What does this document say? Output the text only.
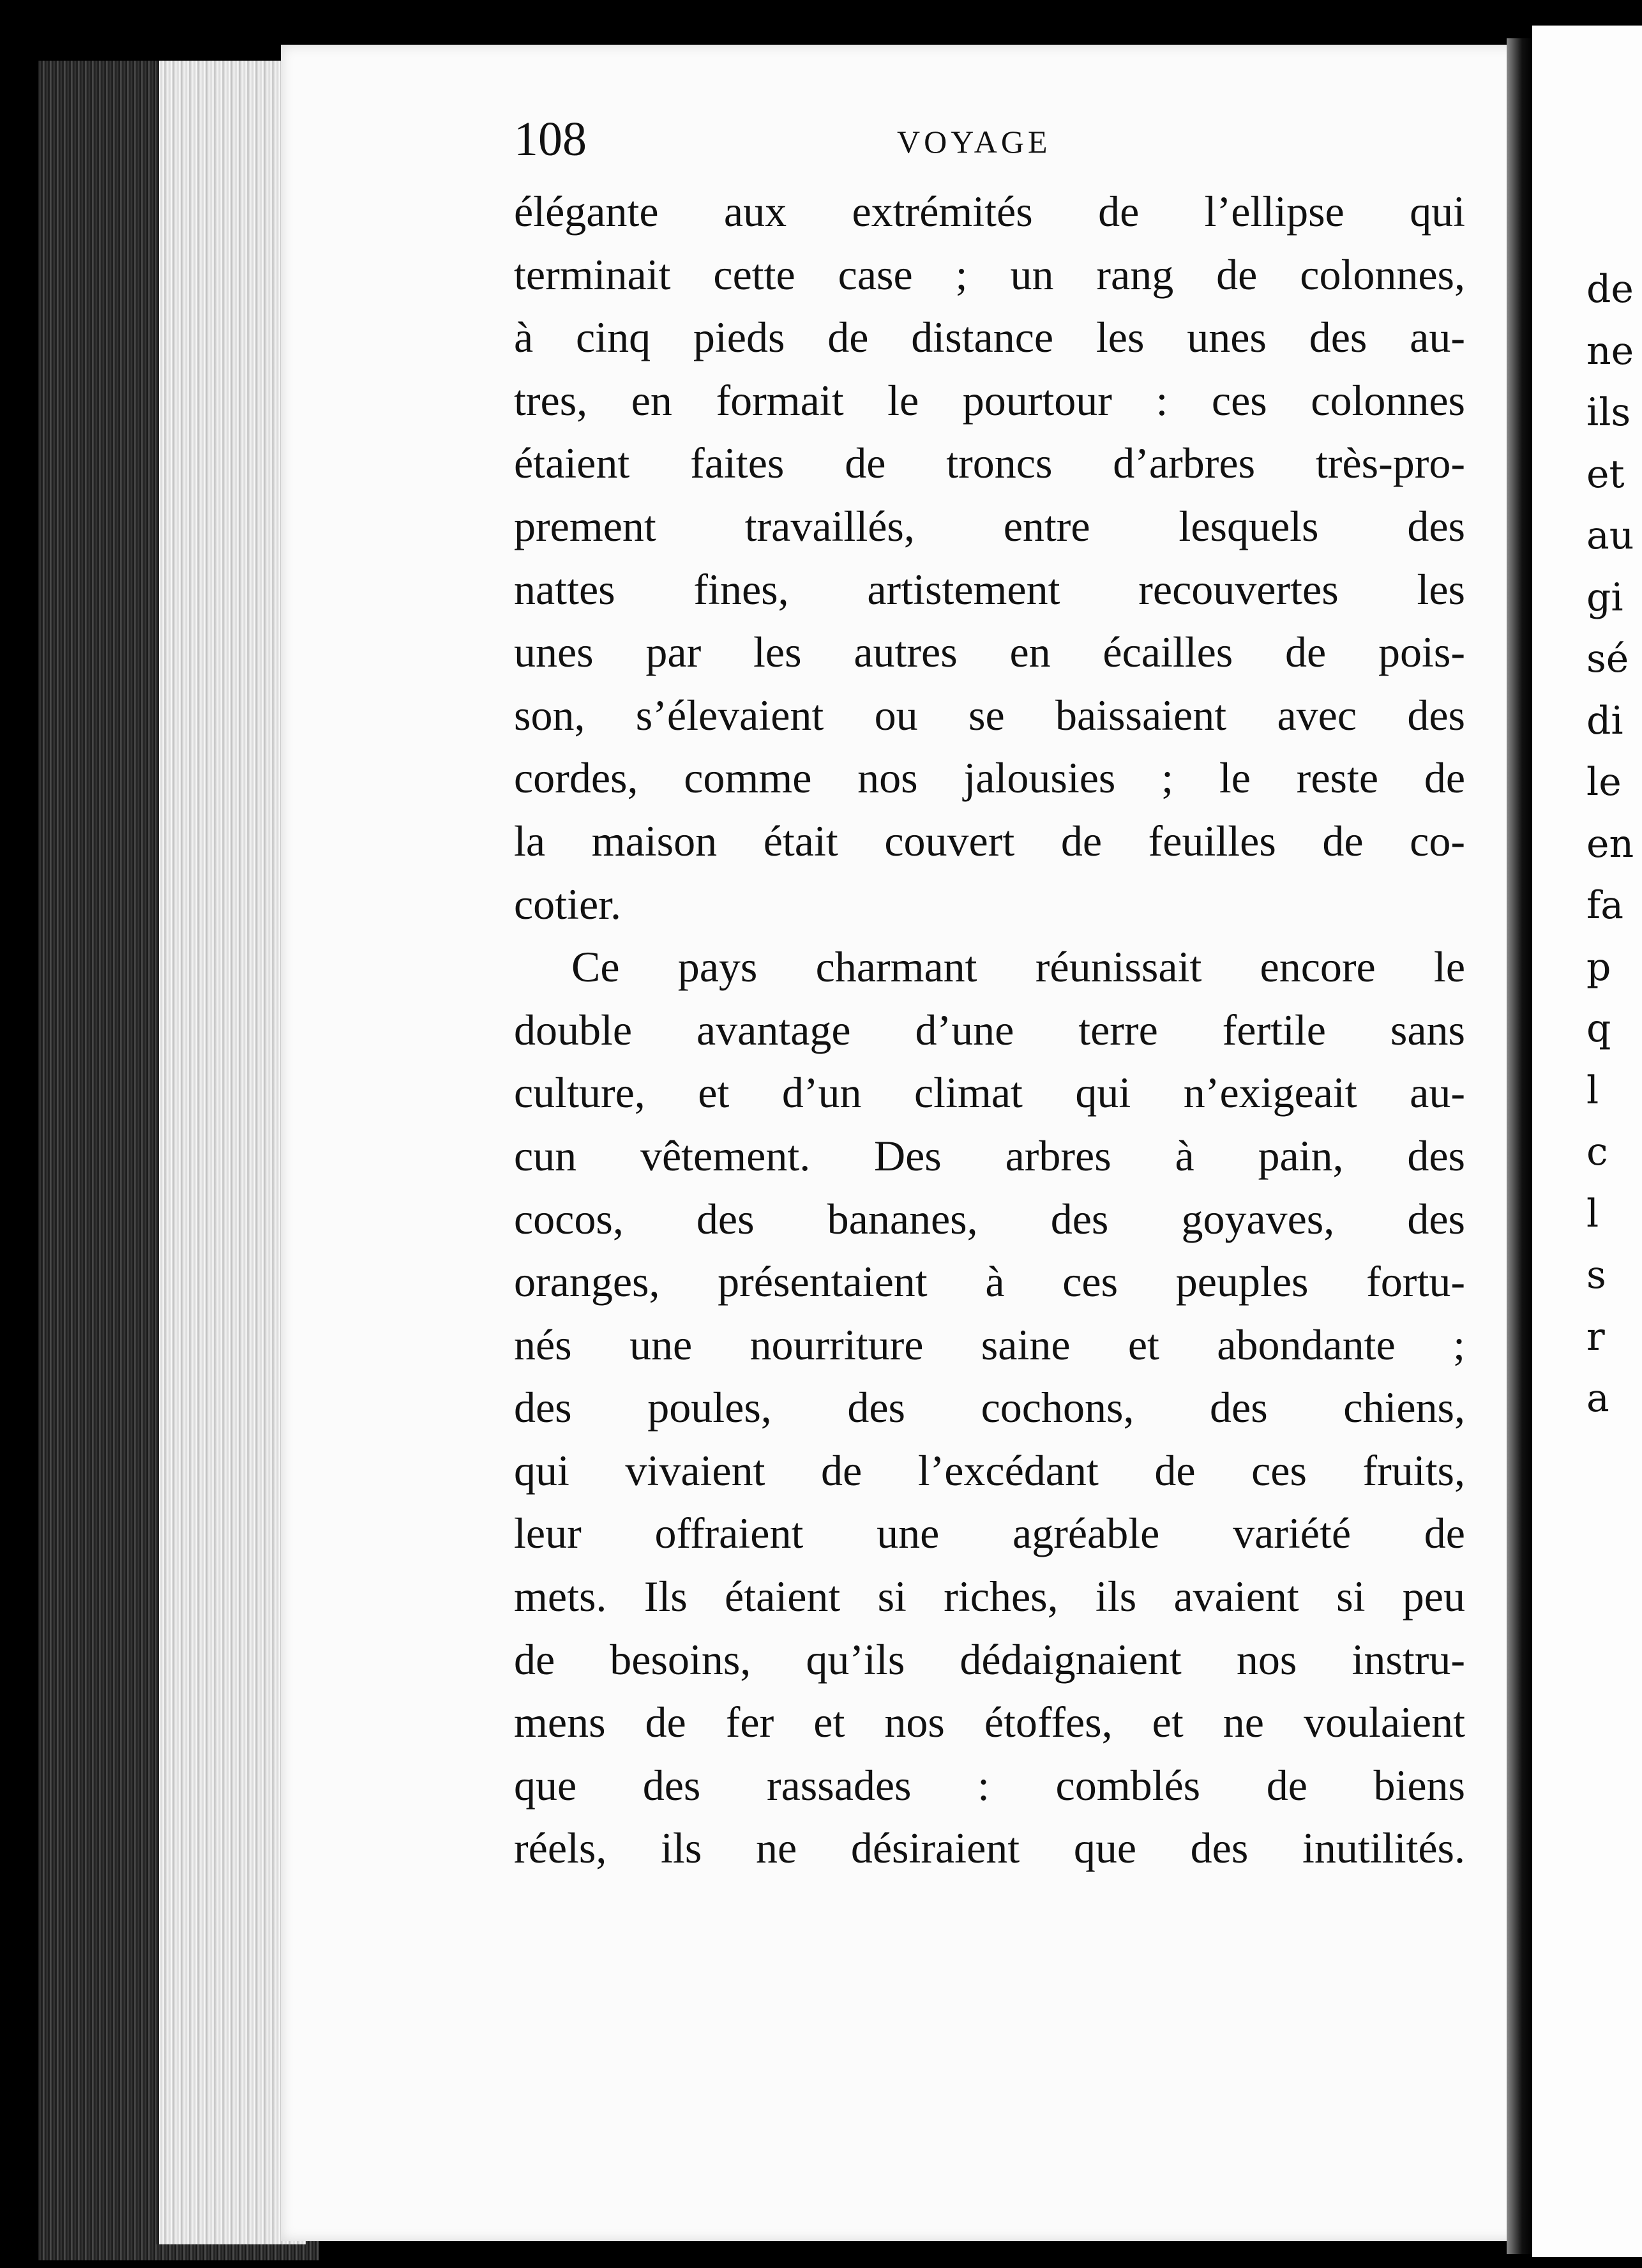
de
ne
ils
et
au
gi
sé
di
le
en
fa
p
q
l
c
l
s
r
a
108	VOYAGE
élégante aux extrémités de l’ellipse qui
terminait cette case ; un rang de colonnes,
à cinq pieds de distance les unes des au-
tres, en formait le pourtour : ces colonnes
étaient faites de troncs d’arbres très-pro-
prement travaillés, entre lesquels des
nattes fines, artistement recouvertes les
unes par les autres en écailles de pois-
son, s’élevaient ou se baissaient avec des
cordes, comme nos jalousies ; le reste de
la maison était couvert de feuilles de co-
cotier.
Ce pays charmant réunissait encore le
double avantage d’une terre fertile sans
culture, et d’un climat qui n’exigeait au-
cun vêtement. Des arbres à pain, des
cocos, des bananes, des goyaves, des
oranges, présentaient à ces peuples fortu-
nés une nourriture saine et abondante ;
des poules, des cochons, des chiens,
qui vivaient de l’excédant de ces fruits,
leur offraient une agréable variété de
mets. Ils étaient si riches, ils avaient si peu
de besoins, qu’ils dédaignaient nos instru-
mens de fer et nos étoffes, et ne voulaient
que des rassades : comblés de biens
réels, ils ne désiraient que des inutilités.
